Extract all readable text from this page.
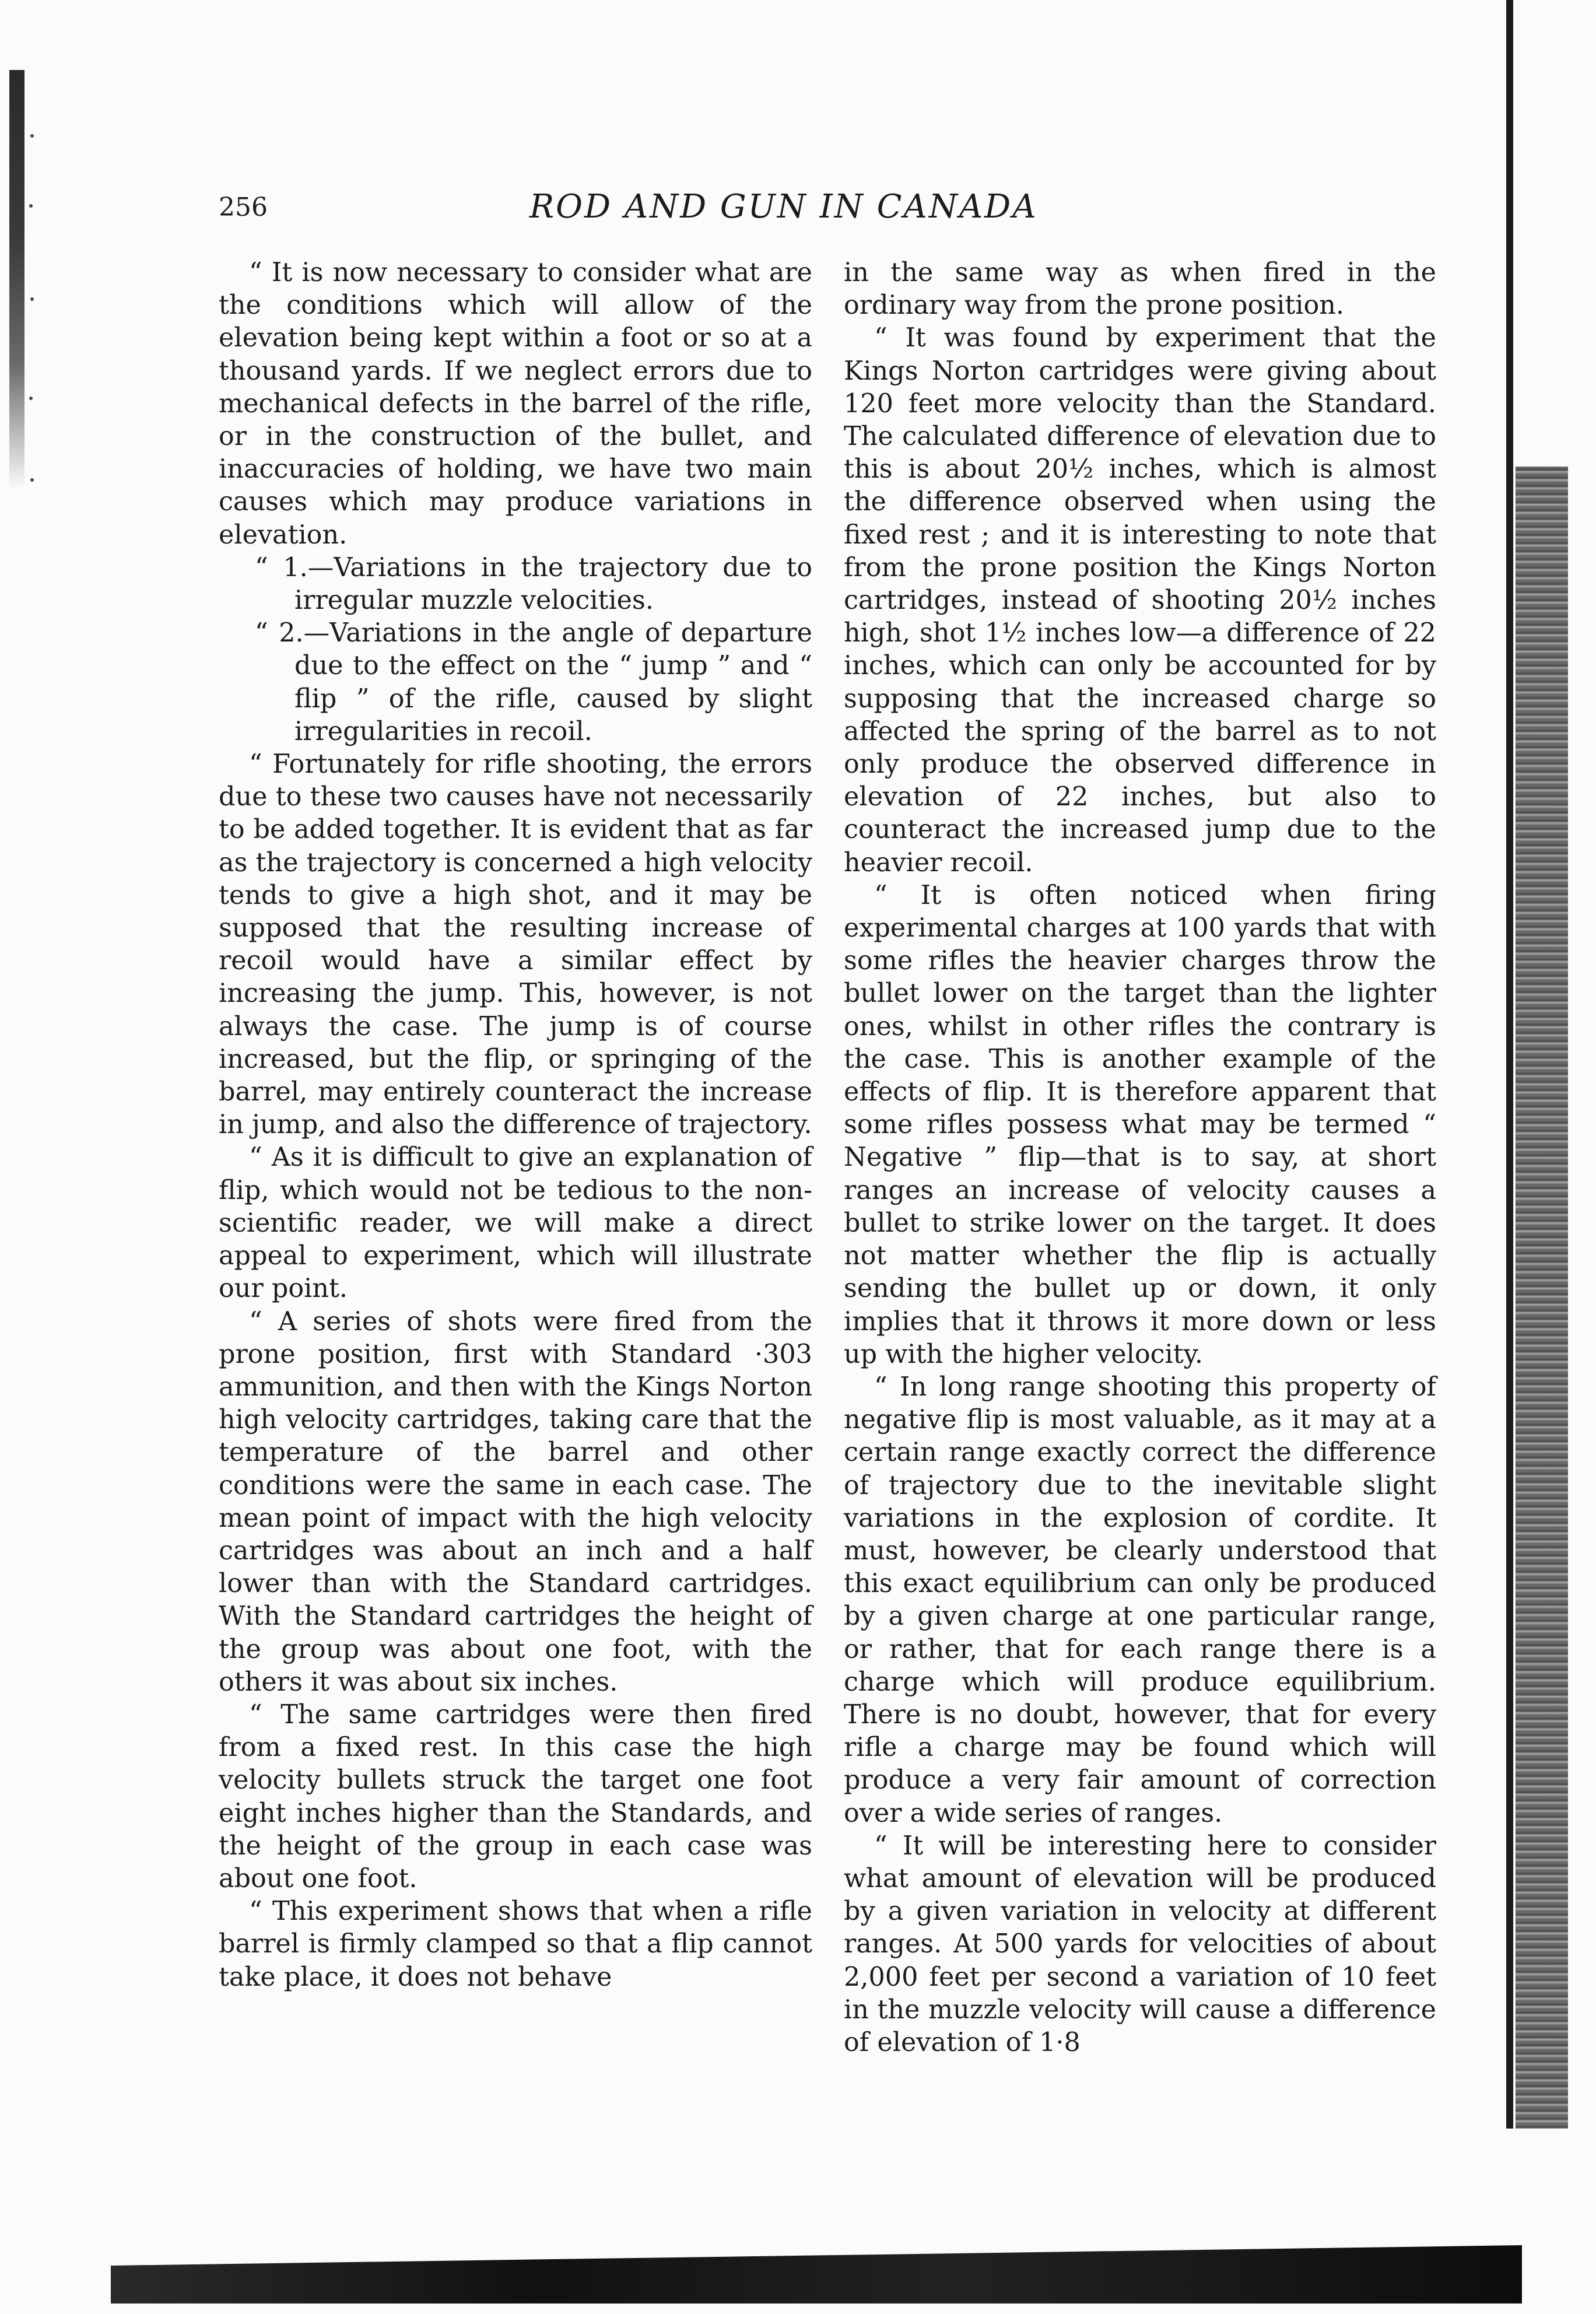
256	ROD AND GUN IN CANADA

“ It is now necessary to consider what are the conditions which will allow of the elevation being kept within a foot or so at a thousand yards. If we neglect errors due to mechanical defects in the barrel of the rifle, or in the construction of the bullet, and inaccuracies of holding, we have two main causes which may produce variations in elevation.

“ 1.—Variations in the trajectory due to irregular muzzle velocities.

“ 2.—Variations in the angle of departure due to the effect on the “ jump ” and “ flip ” of the rifle, caused by slight irregularities in recoil.

“ Fortunately for rifle shooting, the errors due to these two causes have not necessarily to be added together. It is evident that as far as the trajectory is concerned a high velocity tends to give a high shot, and it may be supposed that the resulting increase of recoil would have a similar effect by increasing the jump. This, however, is not always the case. The jump is of course increased, but the flip, or springing of the barrel, may entirely counteract the increase in jump, and also the difference of trajectory.

“ As it is difficult to give an explanation of flip, which would not be tedious to the non-scientific reader, we will make a direct appeal to experiment, which will illustrate our point.

“ A series of shots were fired from the prone position, first with Standard ·303 ammunition, and then with the Kings Norton high velocity cartridges, taking care that the temperature of the barrel and other conditions were the same in each case. The mean point of impact with the high velocity cartridges was about an inch and a half lower than with the Standard cartridges. With the Standard cartridges the height of the group was about one foot, with the others it was about six inches.

“ The same cartridges were then fired from a fixed rest. In this case the high velocity bullets struck the target one foot eight inches higher than the Standards, and the height of the group in each case was about one foot.

“ This experiment shows that when a rifle barrel is firmly clamped so that a flip cannot take place, it does not behave

in the same way as when fired in the ordinary way from the prone position.

“ It was found by experiment that the Kings Norton cartridges were giving about 120 feet more velocity than the Standard. The calculated difference of elevation due to this is about 20½ inches, which is almost the difference observed when using the fixed rest ; and it is interesting to note that from the prone position the Kings Norton cartridges, instead of shooting 20½ inches high, shot 1½ inches low—a difference of 22 inches, which can only be accounted for by supposing that the increased charge so affected the spring of the barrel as to not only produce the observed difference in elevation of 22 inches, but also to counteract the increased jump due to the heavier recoil.

“ It is often noticed when firing experimental charges at 100 yards that with some rifles the heavier charges throw the bullet lower on the target than the lighter ones, whilst in other rifles the contrary is the case. This is another example of the effects of flip. It is therefore apparent that some rifles possess what may be termed “ Negative ” flip—that is to say, at short ranges an increase of velocity causes a bullet to strike lower on the target. It does not matter whether the flip is actually sending the bullet up or down, it only implies that it throws it more down or less up with the higher velocity.

“ In long range shooting this property of negative flip is most valuable, as it may at a certain range exactly correct the difference of trajectory due to the inevitable slight variations in the explosion of cordite. It must, however, be clearly understood that this exact equilibrium can only be produced by a given charge at one particular range, or rather, that for each range there is a charge which will produce equilibrium. There is no doubt, however, that for every rifle a charge may be found which will produce a very fair amount of correction over a wide series of ranges.

“ It will be interesting here to consider what amount of elevation will be produced by a given variation in velocity at different ranges. At 500 yards for velocities of about 2,000 feet per second a variation of 10 feet in the muzzle velocity will cause a difference of elevation of 1·8
